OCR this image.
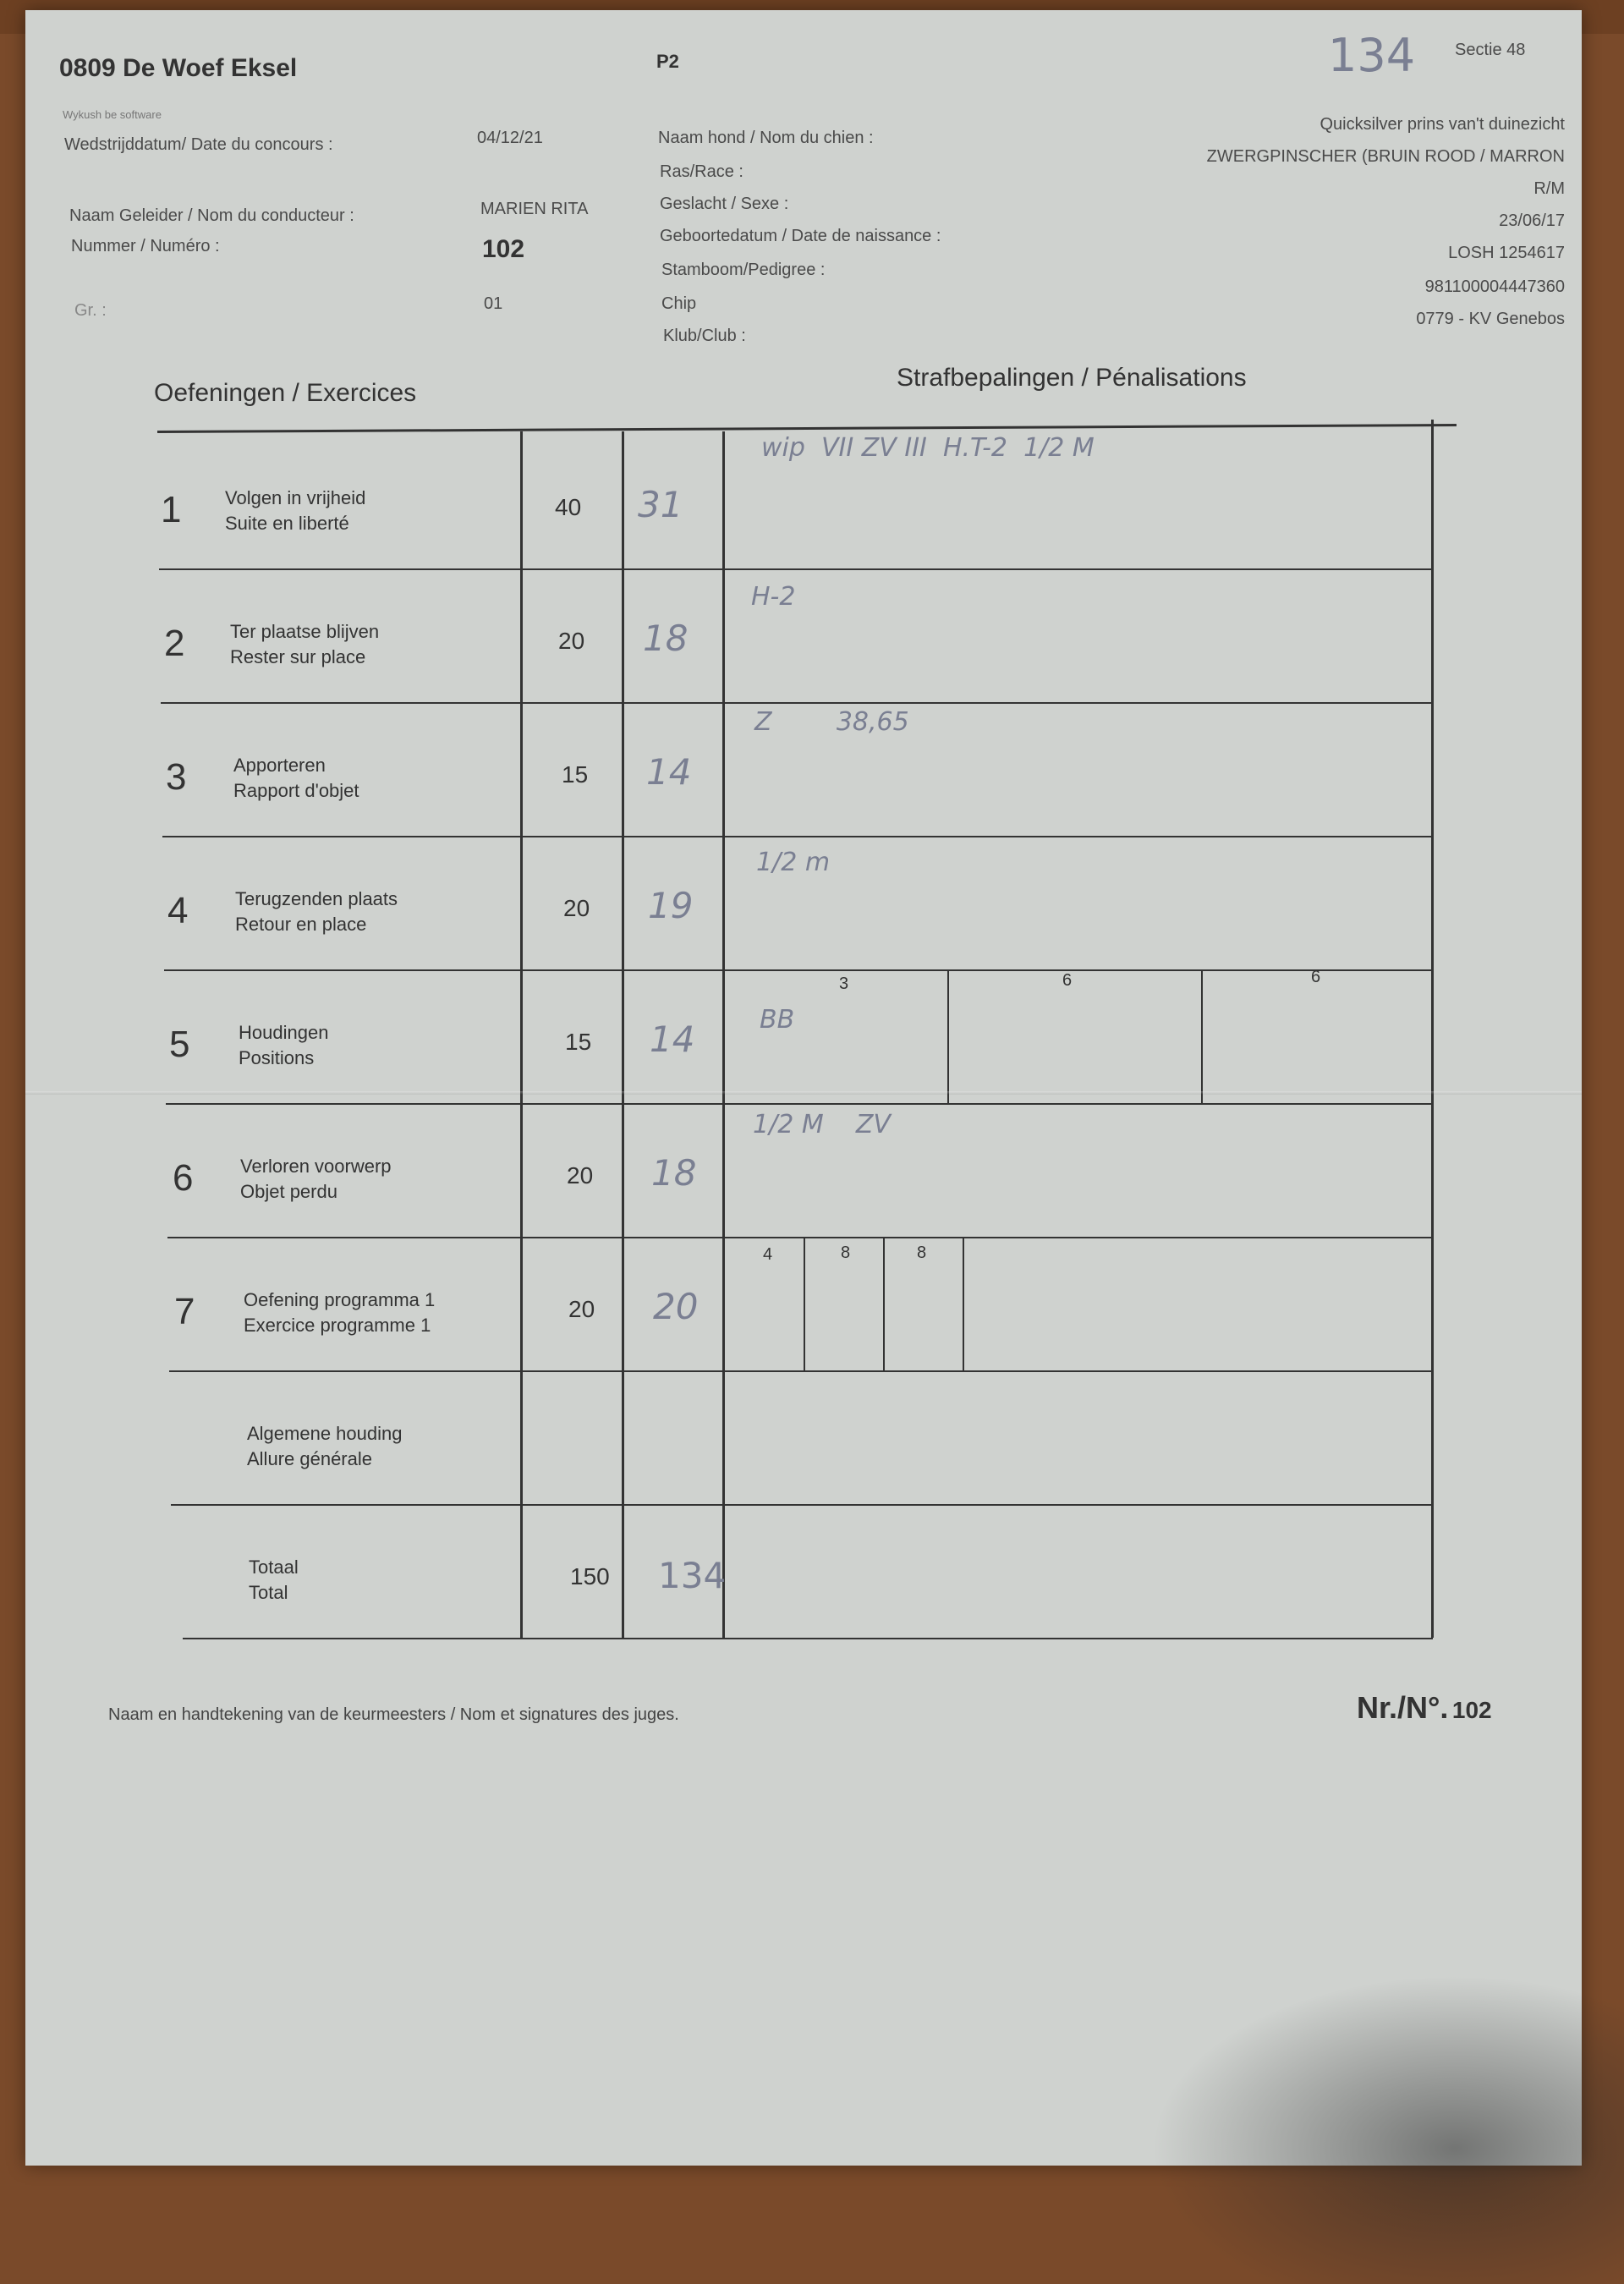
0809 De Woef Eksel
Wykush be software
P2	134 Sectie 48
Wedstrijddatum/ Date du concours :	04/12/21
Naam Geleider / Nom du conducteur :	MARIEN RITA
Nummer / Numéro :	102
Gr. :	01
Naam hond / Nom du chien :
Quicksilver prins van't duinezicht
Ras/Race :
ZWERGPINSCHER (BRUIN ROOD / MARRON
Geslacht / Sexe :
R/M
Geboortedatum / Date de naissance :
23/06/17
Stamboom/Pedigree :
LOSH 1254617
Chip
981100004447360
Klub/Club :
0779 - KV Genebos
Oefeningen / Exercices
Strafbepalingen / Pénalisations
1 Volgen in vrijheid
Suite en liberté
40 31
wip  VII ZV III  H.T-2  1/2 M
2 Ter plaatse blijven
Rester sur place
20 18
H-2
3	Apporteren
Rapport d'objet
15 14
Z        38,65
4	Terugzenden plaats
Retour en place
20 19
1/2 m
5	Houdingen
Positions
15 14	BB
3	6	6
6	Verloren voorwerp
Objet perdu
20 18
1/2 M    ZV
7	Oefening programma 1
Exercice programme 1
20 20
4	8	8
Algemene houding
Allure générale
Totaal
Total
150 134
Naam en handtekening van de keurmeesters / Nom et signatures des juges.	Nr./N°. 102
